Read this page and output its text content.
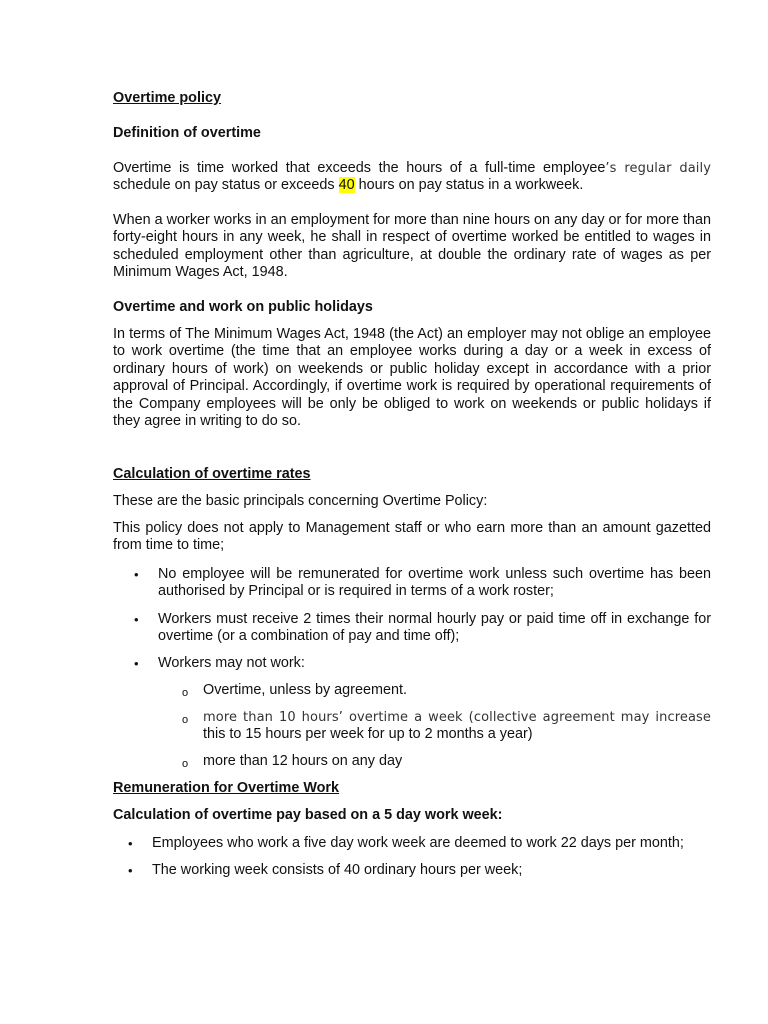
Overtime policy
Definition of overtime
Overtime is time worked that exceeds the hours of a full-time employee’s regular daily
schedule on pay status or exceeds 40 hours on pay status in a workweek.
When a worker works in an employment for more than nine hours on any day or for more than forty-eight hours in any week, he shall in respect of overtime worked be entitled to wages in scheduled employment other than agriculture, at double the ordinary rate of wages as per Minimum Wages Act, 1948.
Overtime and work on public holidays
In terms of The Minimum Wages Act, 1948 (the Act) an employer may not oblige an employee to work overtime (the time that an employee works during a day or a week in excess of ordinary hours of work) on weekends or public holiday except in accordance with a prior approval of Principal. Accordingly, if overtime work is required by operational requirements of the Company employees will be only be obliged to work on weekends or public holidays if they agree in writing to do so.
Calculation of overtime rates
These are the basic principals concerning Overtime Policy:
This policy does not apply to Management staff or who earn more than an amount gazetted from time to time;
• No employee will be remunerated for overtime work unless such overtime has been authorised by Principal or is required in terms of a work roster;
• Workers must receive 2 times their normal hourly pay or paid time off in exchange for overtime (or a combination of pay and time off);
• Workers may not work:
o Overtime, unless by agreement.
o more than 10 hours’ overtime a week (collective agreement may increase
this to 15 hours per week for up to 2 months a year)
o more than 12 hours on any day
Remuneration for Overtime Work
Calculation of overtime pay based on a 5 day work week:
• Employees who work a five day work week are deemed to work 22 days per month;
• The working week consists of 40 ordinary hours per week;
